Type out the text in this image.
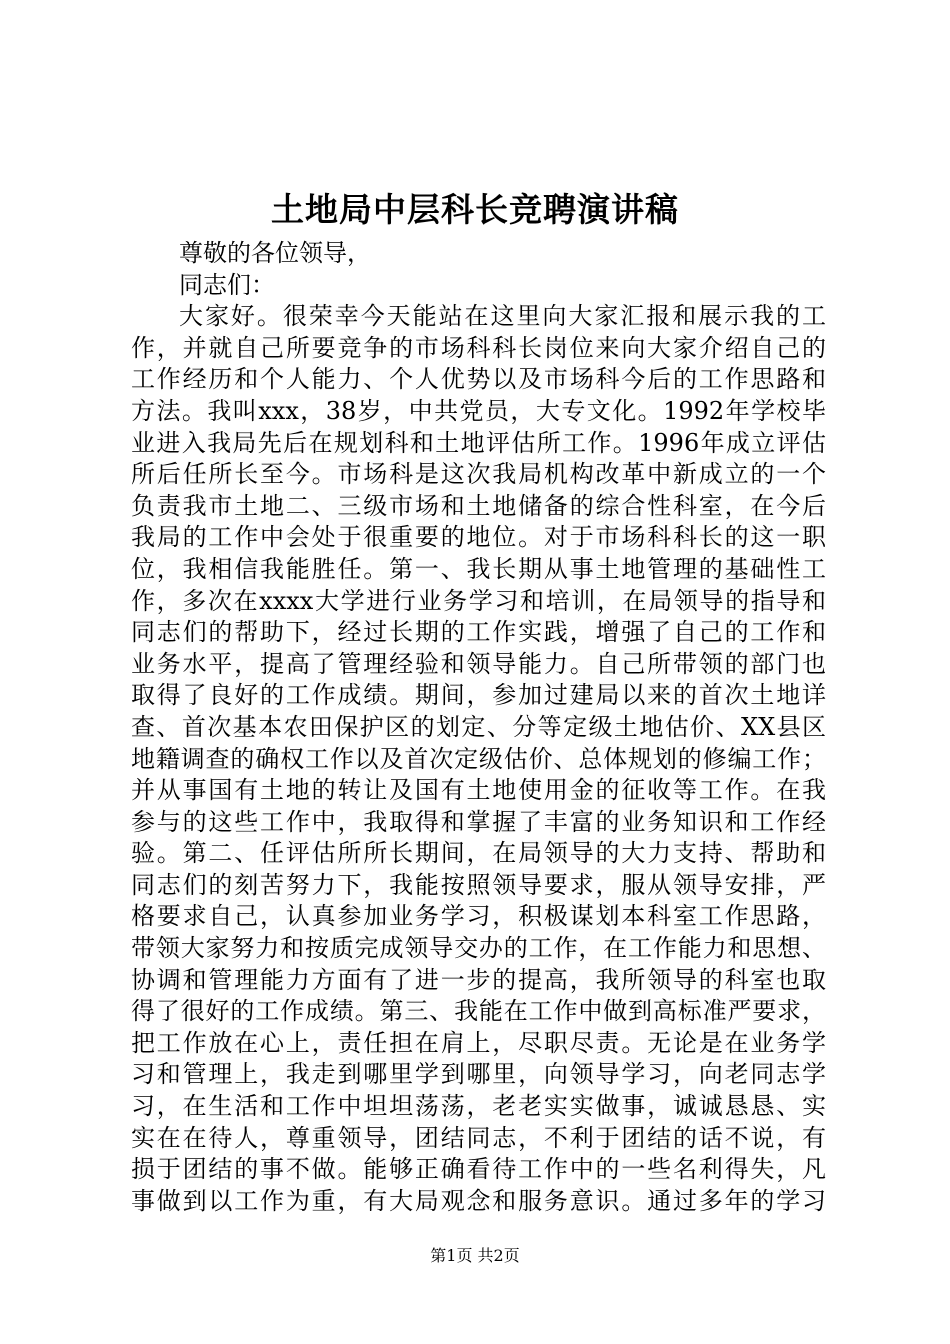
土地局中层科长竞聘演讲稿
尊敬的各位领导，
同志们：
大家好。很荣幸今天能站在这里向大家汇报和展示我的工
作，并就自己所要竞争的市场科科长岗位来向大家介绍自己的
工作经历和个人能力、个人优势以及市场科今后的工作思路和
方法。我叫xxx，38岁，中共党员，大专文化。1992年学校毕
业进入我局先后在规划科和土地评估所工作。1996年成立评估
所后任所长至今。市场科是这次我局机构改革中新成立的一个
负责我市土地二、三级市场和土地储备的综合性科室，在今后
我局的工作中会处于很重要的地位。对于市场科科长的这一职
位，我相信我能胜任。第一、我长期从事土地管理的基础性工
作，多次在xxxx大学进行业务学习和培训，在局领导的指导和
同志们的帮助下，经过长期的工作实践，增强了自己的工作和
业务水平，提高了管理经验和领导能力。自己所带领的部门也
取得了良好的工作成绩。期间，参加过建局以来的首次土地详
查、首次基本农田保护区的划定、分等定级土地估价、XX县区
地籍调查的确权工作以及首次定级估价、总体规划的修编工作；
并从事国有土地的转让及国有土地使用金的征收等工作。在我
参与的这些工作中，我取得和掌握了丰富的业务知识和工作经
验。第二、任评估所所长期间，在局领导的大力支持、帮助和
同志们的刻苦努力下，我能按照领导要求，服从领导安排，严
格要求自己，认真参加业务学习，积极谋划本科室工作思路，
带领大家努力和按质完成领导交办的工作，在工作能力和思想、
协调和管理能力方面有了进一步的提高，我所领导的科室也取
得了很好的工作成绩。第三、我能在工作中做到高标准严要求，
把工作放在心上，责任担在肩上，尽职尽责。无论是在业务学
习和管理上，我走到哪里学到哪里，向领导学习，向老同志学
习，在生活和工作中坦坦荡荡，老老实实做事，诚诚恳恳、实
实在在待人，尊重领导，团结同志，不利于团结的话不说，有
损于团结的事不做。能够正确看待工作中的一些名利得失，凡
事做到以工作为重，有大局观念和服务意识。通过多年的学习
第1页 共2页
